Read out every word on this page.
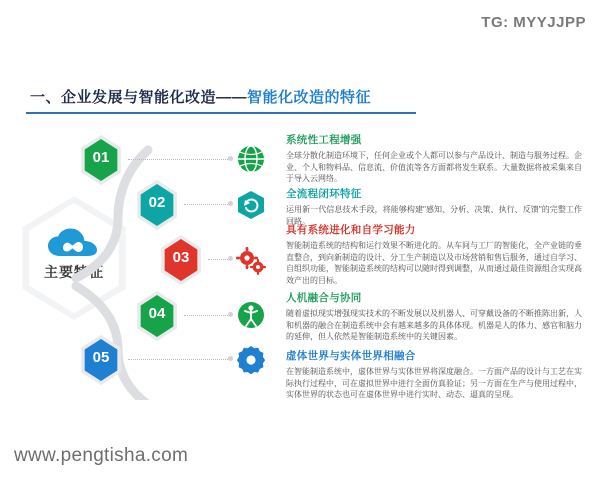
TG: MYYJJPP
www.pengtisha.com
一、企业发展与智能化改造——智能化改造的特征
主要特征
01
02
03
04
05
系统性工程增强
全球分散化制造环境下，任何企业或个人都可以参与产品设计、制造与服务过程。企业、个人和物料品、信息流、价值流等各方面都将发生联系。大量数据将被采集来自于导入云网络。
全流程闭环特征
运用新一代信息技术手段，将能够构建"感知、分析、决策、执行、反馈"的完整工作回路。
具有系统进化和自学习能力
智能制造系统的结构和运行效果不断进化的。从车间与工厂的智能化，全产业链的垂直整合，到向新制造的设计、分工生产制造以及市场营销和售后服务，通过自学习、自组织功能，智能制造系统的结构可以随时得到调整，从而通过最佳资源组合实现高效产出的目标。
人机融合与协同
随着虚拟现实增强现实技术的不断发展以及机器人、可穿戴设备的不断推陈出新，人和机器的融合在制造系统中会有越来越多的具体体现。机器是人的体力、感官和脑力的延伸，但人依然是智能制造系统中的关键因素。
虚体世界与实体世界相融合
在智能制造系统中，虚体世界与实体世界将深度融合。一方面产品的设计与工艺在实际执行过程中，可在虚拟世界中进行全面仿真验证；另一方面在生产与使用过程中，实体世界的状态也可在虚体世界中进行实时、动态、逼真的呈现。
